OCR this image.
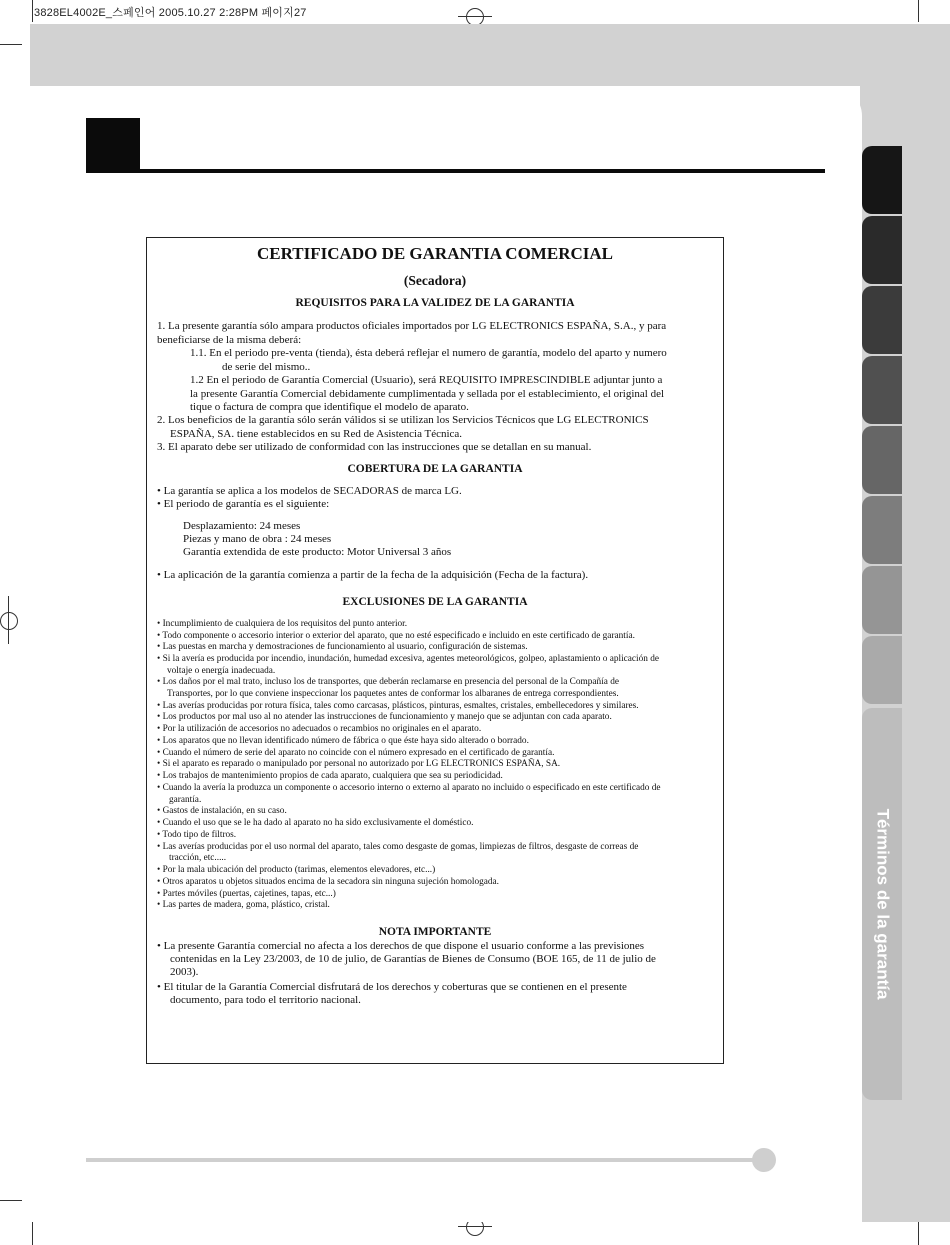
3828EL4002E_스페인어 2005.10.27 2:28PM 페이지27
Términos de la garantía
CERTIFICADO DE GARANTIA COMERCIAL
(Secadora)
REQUISITOS PARA LA VALIDEZ DE LA GARANTIA
1. La presente garantía sólo ampara productos oficiales importados por LG ELECTRONICS ESPAÑA, S.A., y para
beneficiarse de la misma deberá:
1.1. En el periodo pre-venta (tienda), ésta deberá reflejar el numero de garantía, modelo del aparto y numero
de serie del mismo..
1.2 En el periodo de Garantía Comercial (Usuario), será REQUISITO IMPRESCINDIBLE adjuntar junto a
la presente Garantía Comercial debidamente cumplimentada y sellada por el establecimiento, el original del
tique o factura de compra que identifique el modelo de aparato.
2. Los beneficios de la garantía sólo serán válidos si se utilizan los Servicios Técnicos que LG ELECTRONICS
ESPAÑA, SA. tiene establecidos en su Red de Asistencia Técnica.
3. El aparato debe ser utilizado de conformidad con las instrucciones que se detallan en su manual.
COBERTURA DE LA GARANTIA
• La garantía se aplica a los modelos de SECADORAS de marca LG.
• El periodo de garantía es el siguiente:
Desplazamiento: 24 meses
Piezas y mano de obra : 24 meses
Garantía extendida de este producto: Motor Universal 3 años
• La aplicación de la garantía comienza a partir de la fecha de la adquisición (Fecha de la factura).
EXCLUSIONES DE LA GARANTIA
• Incumplimiento de cualquiera de los requisitos del punto anterior.
• Todo componente o accesorio interior o exterior del aparato, que no esté especificado e incluido en este certificado de garantía.
• Las puestas en marcha y demostraciones de funcionamiento al usuario, configuración de sistemas.
• Si la avería es producida por incendio, inundación, humedad excesiva, agentes meteorológicos, golpeo, aplastamiento o aplicación de
voltaje o energía inadecuada.
• Los daños por el mal trato, incluso los de transportes, que deberán reclamarse en presencia del personal de la Compañía de
Transportes, por lo que conviene inspeccionar los paquetes antes de conformar los albaranes de entrega correspondientes.
• Las averías producidas por rotura física, tales como carcasas, plásticos, pinturas, esmaltes, cristales, embellecedores y similares.
• Los productos por mal uso al no atender las instrucciones de funcionamiento y manejo que se adjuntan con cada aparato.
• Por la utilización de accesorios no adecuados o recambios no originales en el aparato.
• Los aparatos que no llevan identificado número de fábrica o que éste haya sido alterado o borrado.
• Cuando el número de serie del aparato no coincide con el número expresado en el certificado de garantía.
• Si el aparato es reparado o manipulado por personal no autorizado por LG ELECTRONICS ESPAÑA, SA.
• Los trabajos de mantenimiento propios de cada aparato, cualquiera que sea su periodicidad.
• Cuando la avería la produzca un componente o accesorio interno o externo al aparato no incluido o especificado en este certificado de
garantía.
• Gastos de instalación, en su caso.
• Cuando el uso que se le ha dado al aparato no ha sido exclusivamente el doméstico.
• Todo tipo de filtros.
• Las averías producidas por el uso normal del aparato, tales como desgaste de gomas, limpiezas de filtros, desgaste de correas de
tracción, etc.....
• Por la mala ubicación del producto (tarimas, elementos elevadores, etc...)
• Otros aparatos u objetos situados encima de la secadora sin ninguna sujeción homologada.
• Partes móviles (puertas, cajetines, tapas, etc...)
• Las partes de madera, goma, plástico, cristal.
NOTA IMPORTANTE
• La presente Garantía comercial no afecta a los derechos de que dispone el usuario conforme a las previsiones
contenidas en la Ley 23/2003, de 10 de julio, de Garantías de Bienes de Consumo (BOE 165, de 11 de julio de
2003).
• El titular de la Garantía Comercial disfrutará de los derechos y coberturas que se contienen en el presente
documento, para todo el territorio nacional.
